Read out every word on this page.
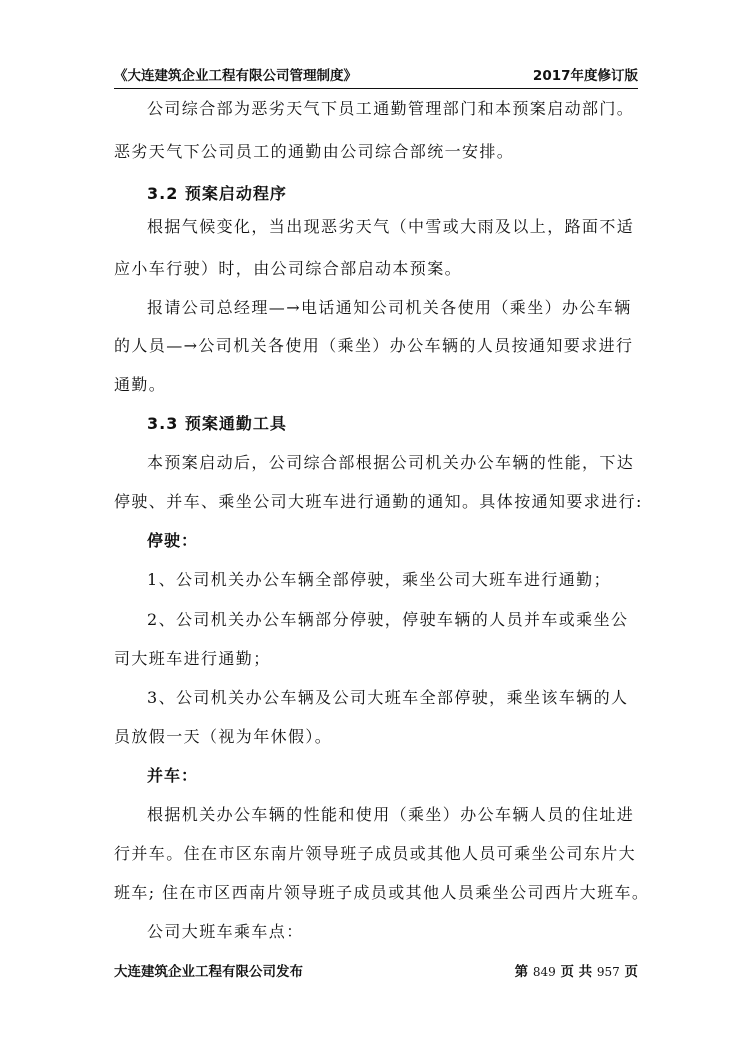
《大连建筑企业工程有限公司管理制度》	2017年度修订版
公司综合部为恶劣天气下员工通勤管理部门和本预案启动部门。
恶劣天气下公司员工的通勤由公司综合部统一安排。
3.2 预案启动程序
根据气候变化，当出现恶劣天气（中雪或大雨及以上，路面不适
应小车行驶）时，由公司综合部启动本预案。
报请公司总经理—→电话通知公司机关各使用（乘坐）办公车辆
的人员—→公司机关各使用（乘坐）办公车辆的人员按通知要求进行
通勤。
3.3 预案通勤工具
本预案启动后，公司综合部根据公司机关办公车辆的性能，下达
停驶、并车、乘坐公司大班车进行通勤的通知。具体按通知要求进行:
停驶：
1、公司机关办公车辆全部停驶，乘坐公司大班车进行通勤；
2、公司机关办公车辆部分停驶，停驶车辆的人员并车或乘坐公
司大班车进行通勤；
3、公司机关办公车辆及公司大班车全部停驶，乘坐该车辆的人
员放假一天（视为年休假）。
并车：
根据机关办公车辆的性能和使用（乘坐）办公车辆人员的住址进
行并车。住在市区东南片领导班子成员或其他人员可乘坐公司东片大
班车; 住在市区西南片领导班子成员或其他人员乘坐公司西片大班车。
公司大班车乘车点：
大连建筑企业工程有限公司发布	第 849 页 共 957 页
